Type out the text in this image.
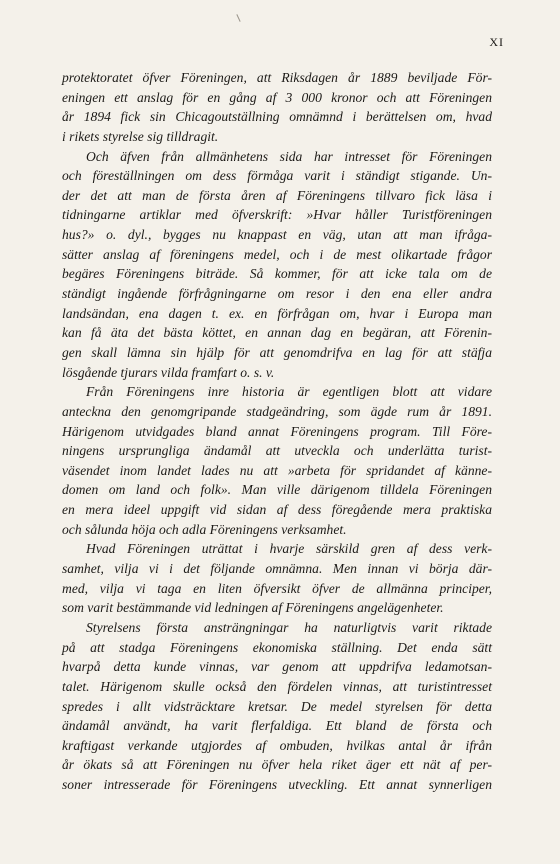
XI
protektoratet öfver Föreningen, att Riksdagen år 1889 beviljade För-
eningen ett anslag för en gång af 3 000 kronor och att Föreningen
år 1894 fick sin Chicagoutställning omnämnd i berättelsen om, hvad
i rikets styrelse sig tilldragit.
Och äfven från allmänhetens sida har intresset för Föreningen
och föreställningen om dess förmåga varit i ständigt stigande. Un-
der det att man de första åren af Föreningens tillvaro fick läsa i
tidningarne artiklar med öfverskrift: »Hvar håller Turistföreningen
hus?» o. dyl., bygges nu knappast en väg, utan att man ifråga-
sätter anslag af föreningens medel, och i de mest olikartade frågor
begäres Föreningens biträde. Så kommer, för att icke tala om de
ständigt ingående förfrågningarne om resor i den ena eller andra
landsändan, ena dagen t. ex. en förfrågan om, hvar i Europa man
kan få äta det bästa köttet, en annan dag en begäran, att Förenin-
gen skall lämna sin hjälp för att genomdrifva en lag för att stäfja
lösgående tjurars vilda framfart o. s. v.
Från Föreningens inre historia är egentligen blott att vidare
anteckna den genomgripande stadgeändring, som ägde rum år 1891.
Härigenom utvidgades bland annat Föreningens program. Till Före-
ningens ursprungliga ändamål att utveckla och underlätta turist-
väsendet inom landet lades nu att »arbeta för spridandet af känne-
domen om land och folk». Man ville därigenom tilldela Föreningen
en mera ideel uppgift vid sidan af dess föregående mera praktiska
och sålunda höja och adla Föreningens verksamhet.
Hvad Föreningen uträttat i hvarje särskild gren af dess verk-
samhet, vilja vi i det följande omnämna. Men innan vi börja där-
med, vilja vi taga en liten öfversikt öfver de allmänna principer,
som varit bestämmande vid ledningen af Föreningens angelägenheter.
Styrelsens första ansträngningar ha naturligtvis varit riktade
på att stadga Föreningens ekonomiska ställning. Det enda sätt
hvarpå detta kunde vinnas, var genom att uppdrifva ledamotsan-
talet. Härigenom skulle också den fördelen vinnas, att turistintresset
spredes i allt vidsträcktare kretsar. De medel styrelsen för detta
ändamål användt, ha varit flerfaldiga. Ett bland de första och
kraftigast verkande utgjordes af ombuden, hvilkas antal år ifrån
år ökats så att Föreningen nu öfver hela riket äger ett nät af per-
soner intresserade för Föreningens utveckling. Ett annat synnerligen
